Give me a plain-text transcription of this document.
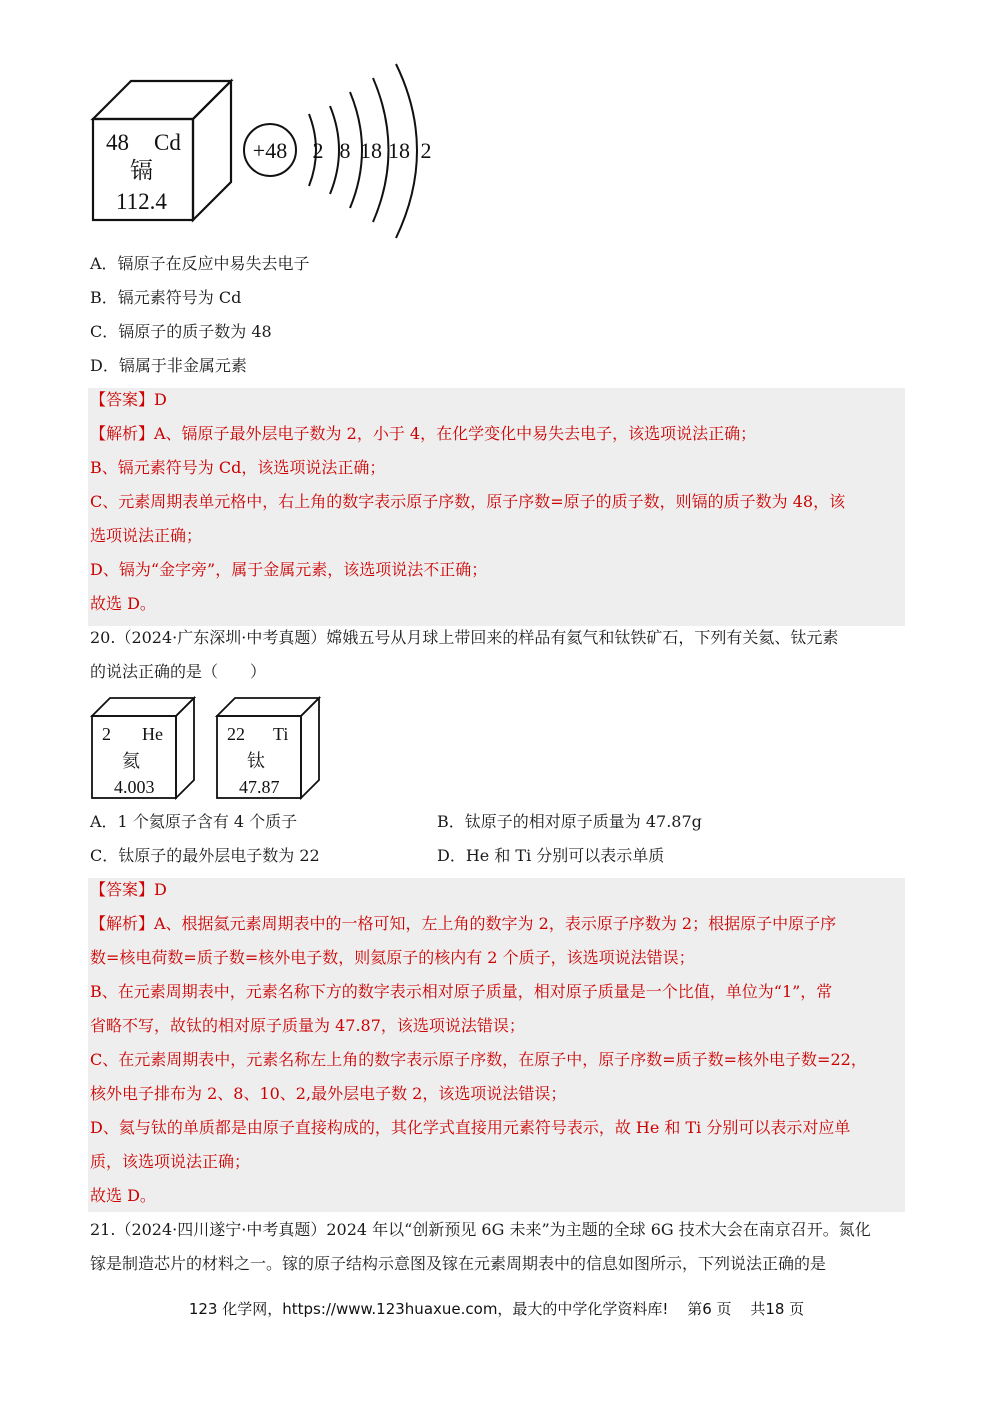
48 Cd
镉
112.4
+48 2 8 18 18 2
A．镉原子在反应中易失去电子
B．镉元素符号为 Cd
C．镉原子的质子数为 48
D．镉属于非金属元素
【答案】D
【解析】A、镉原子最外层电子数为 2，小于 4，在化学变化中易失去电子，该选项说法正确；
B、镉元素符号为 Cd，该选项说法正确；
C、元素周期表单元格中，右上角的数字表示原子序数，原子序数=原子的质子数，则镉的质子数为 48，该
选项说法正确；
D、镉为“金字旁”，属于金属元素，该选项说法不正确；
故选 D。
20.（2024·广东深圳·中考真题）嫦娥五号从月球上带回来的样品有氦气和钛铁矿石，下列有关氦、钛元素
的说法正确的是（　　）
2 He
氦
4.003
22 Ti
钛
47.87
A．1 个氦原子含有 4 个质子	B．钛原子的相对原子质量为 47.87g
C．钛原子的最外层电子数为 22	D．He 和 Ti 分别可以表示单质
【答案】D
【解析】A、根据氦元素周期表中的一格可知，左上角的数字为 2，表示原子序数为 2；根据原子中原子序
数=核电荷数=质子数=核外电子数，则氦原子的核内有 2 个质子，该选项说法错误；
B、在元素周期表中，元素名称下方的数字表示相对原子质量，相对原子质量是一个比值，单位为“1”，常
省略不写，故钛的相对原子质量为 47.87，该选项说法错误；
C、在元素周期表中，元素名称左上角的数字表示原子序数，在原子中，原子序数=质子数=核外电子数=22，
核外电子排布为 2、8、10、2,最外层电子数 2，该选项说法错误；
D、氦与钛的单质都是由原子直接构成的，其化学式直接用元素符号表示，故 He 和 Ti 分别可以表示对应单
质，该选项说法正确；
故选 D。
21.（2024·四川遂宁·中考真题）2024 年以“创新预见 6G 未来”为主题的全球 6G 技术大会在南京召开。氮化
镓是制造芯片的材料之一。镓的原子结构示意图及镓在元素周期表中的信息如图所示，下列说法正确的是
123 化学网，https://www.123huaxue.com，最大的中学化学资料库! 第6 页 共18 页
